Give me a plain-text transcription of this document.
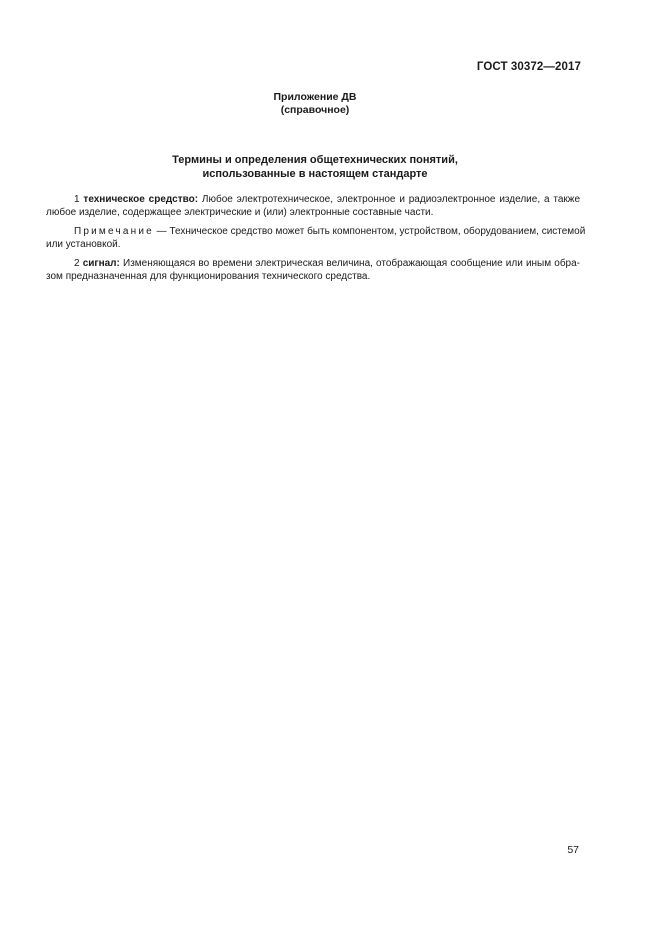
ГОСТ 30372—2017
Приложение ДВ
(справочное)
Термины и определения общетехнических понятий,
использованные в настоящем стандарте
1 техническое средство: Любое электротехническое, электронное и радиоэлектронное изделие, а также
любое изделие, содержащее электрические и (или) электронные составные части.
Примечание — Техническое средство может быть компонентом, устройством, оборудованием, системой
или установкой.
2 сигнал: Изменяющаяся во времени электрическая величина, отображающая сообщение или иным обра-
зом предназначенная для функционирования технического средства.
57
